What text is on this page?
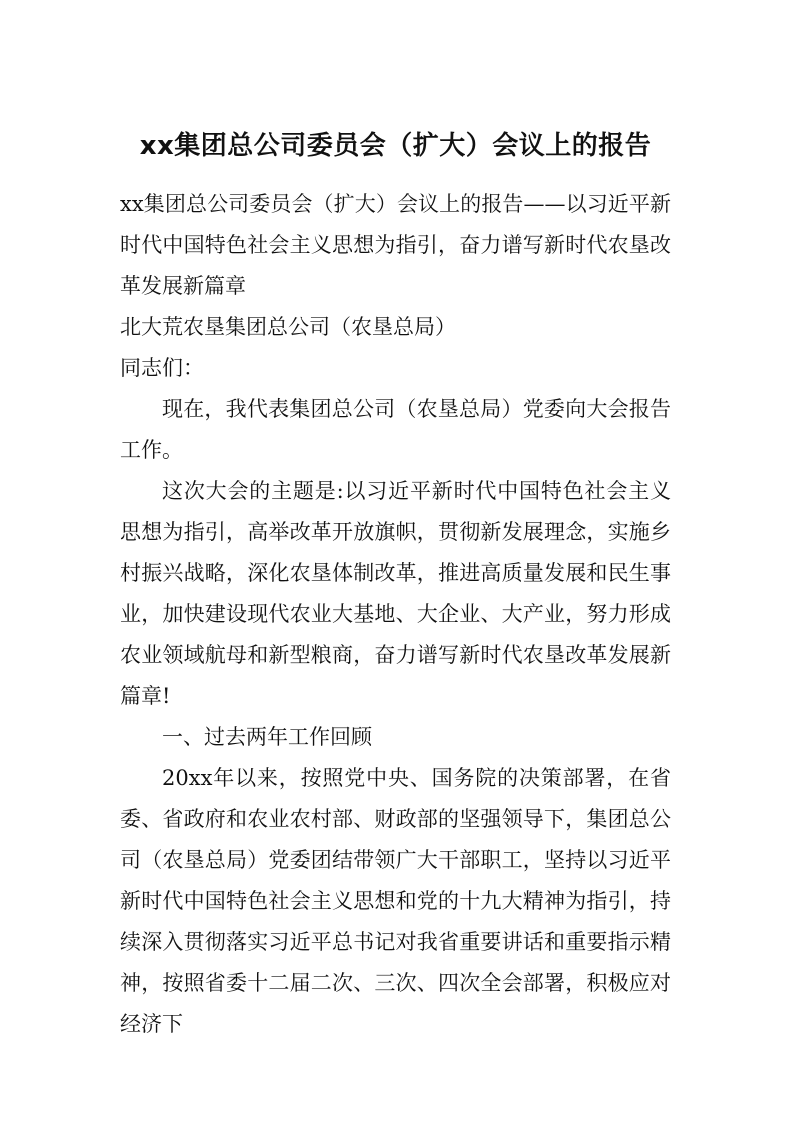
xx集团总公司委员会（扩大）会议上的报告

xx集团总公司委员会（扩大）会议上的报告——以习近平新时代中国特色社会主义思想为指引，奋力谱写新时代农垦改革发展新篇章

北大荒农垦集团总公司（农垦总局）

同志们：

现在，我代表集团总公司（农垦总局）党委向大会报告工作。

这次大会的主题是:以习近平新时代中国特色社会主义思想为指引，高举改革开放旗帜，贯彻新发展理念，实施乡村振兴战略，深化农垦体制改革，推进高质量发展和民生事业，加快建设现代农业大基地、大企业、大产业，努力形成农业领域航母和新型粮商，奋力谱写新时代农垦改革发展新篇章!

一、过去两年工作回顾

20xx年以来，按照党中央、国务院的决策部署，在省委、省政府和农业农村部、财政部的坚强领导下，集团总公司（农垦总局）党委团结带领广大干部职工，坚持以习近平新时代中国特色社会主义思想和党的十九大精神为指引，持续深入贯彻落实习近平总书记对我省重要讲话和重要指示精神，按照省委十二届二次、三次、四次全会部署，积极应对经济下
